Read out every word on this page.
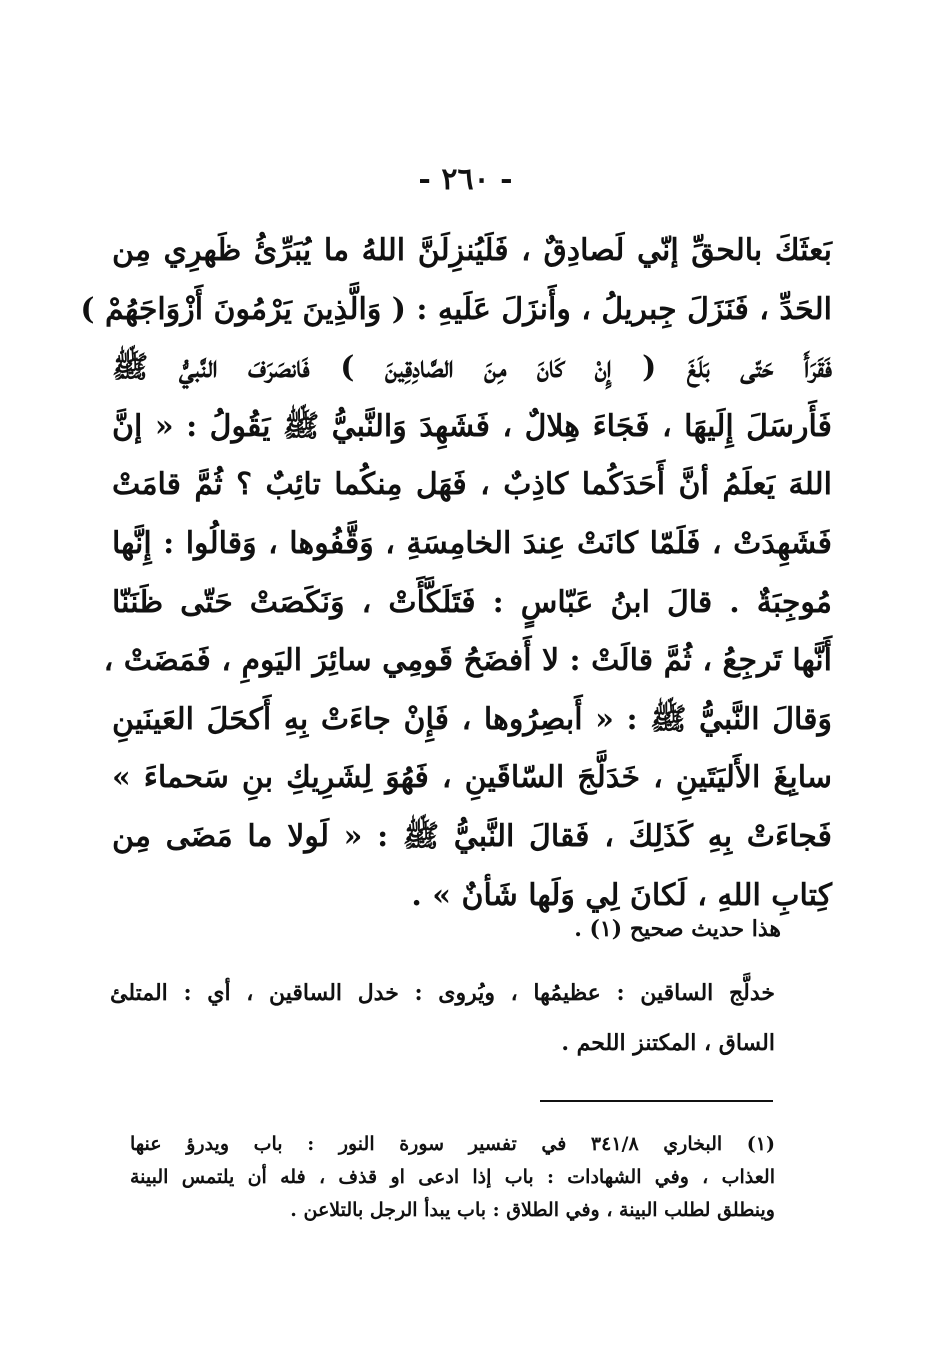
- ٢٦٠ -
بَعثَكَ بالحقِّ إنّي لَصادِقٌ ، فَلَيُنزِلَنَّ اللهُ ما يُبَرِّئُ ظَهرِي مِن
الحَدِّ ، فَنَزَلَ جِبريلُ ، وأَنزَلَ عَلَيهِ : ( وَالَّذِينَ يَرْمُونَ أَزْوَاجَهُمْ )
فَقَرَأَ حَتّى بَلَغَ ( إِنْ كَانَ مِنَ الصَّادِقِينَ ) فَانصَرَفَ النَّبيُّ ﷺ
فَأَرسَلَ إِلَيهَا ، فَجَاءَ هِلالٌ ، فَشَهِدَ وَالنَّبيُّ ﷺ يَقُولُ : « إنَّ
اللهَ يَعلَمُ أنَّ أَحَدَكُما كاذِبٌ ، فَهَل مِنكُما تائِبٌ ؟ ثُمَّ قامَتْ
فَشَهِدَتْ ، فَلَمّا كانَتْ عِندَ الخامِسَةِ ، وَقَّفُوها ، وَقالُوا : إِنَّها
مُوجِبَةٌ . قالَ ابنُ عَبّاسٍ : فَتَلَكَّأَتْ ، وَنَكَصَتْ حَتّى ظَنَنّا
أَنَّها تَرجِعُ ، ثُمَّ قالَتْ : لا أَفضَحُ قَومِي سائِرَ اليَومِ ، فَمَضَتْ ،
وَقالَ النَّبيُّ ﷺ : « أَبصِرُوها ، فَإِنْ جاءَتْ بِهِ أَكحَلَ العَينَينِ
سابِغَ الأَليَتَينِ ، خَدَلَّجَ السّاقَينِ ، فَهُوَ لِشَرِيكِ بنِ سَحماءَ »
فَجاءَتْ بِهِ كَذَلِكَ ، فَقالَ النَّبيُّ ﷺ : « لَولا ما مَضَى مِن
كِتابِ اللهِ ، لَكانَ لِي وَلَها شَأنٌ » .
هذا حديث صحيح (١) .
خدلَّج الساقين : عظيمُها ، ويُروى : خدل الساقين ، أي : المتلئ
الساق ، المكتنز اللحم .
(١) البخاري ٣٤١/٨ في تفسير سورة النور : باب ويدرؤ عنها
العذاب ، وفي الشهادات : باب إذا ادعى او قذف ، فله أن يلتمس البينة
وينطلق لطلب البينة ، وفي الطلاق : باب يبدأ الرجل بالتلاعن .
